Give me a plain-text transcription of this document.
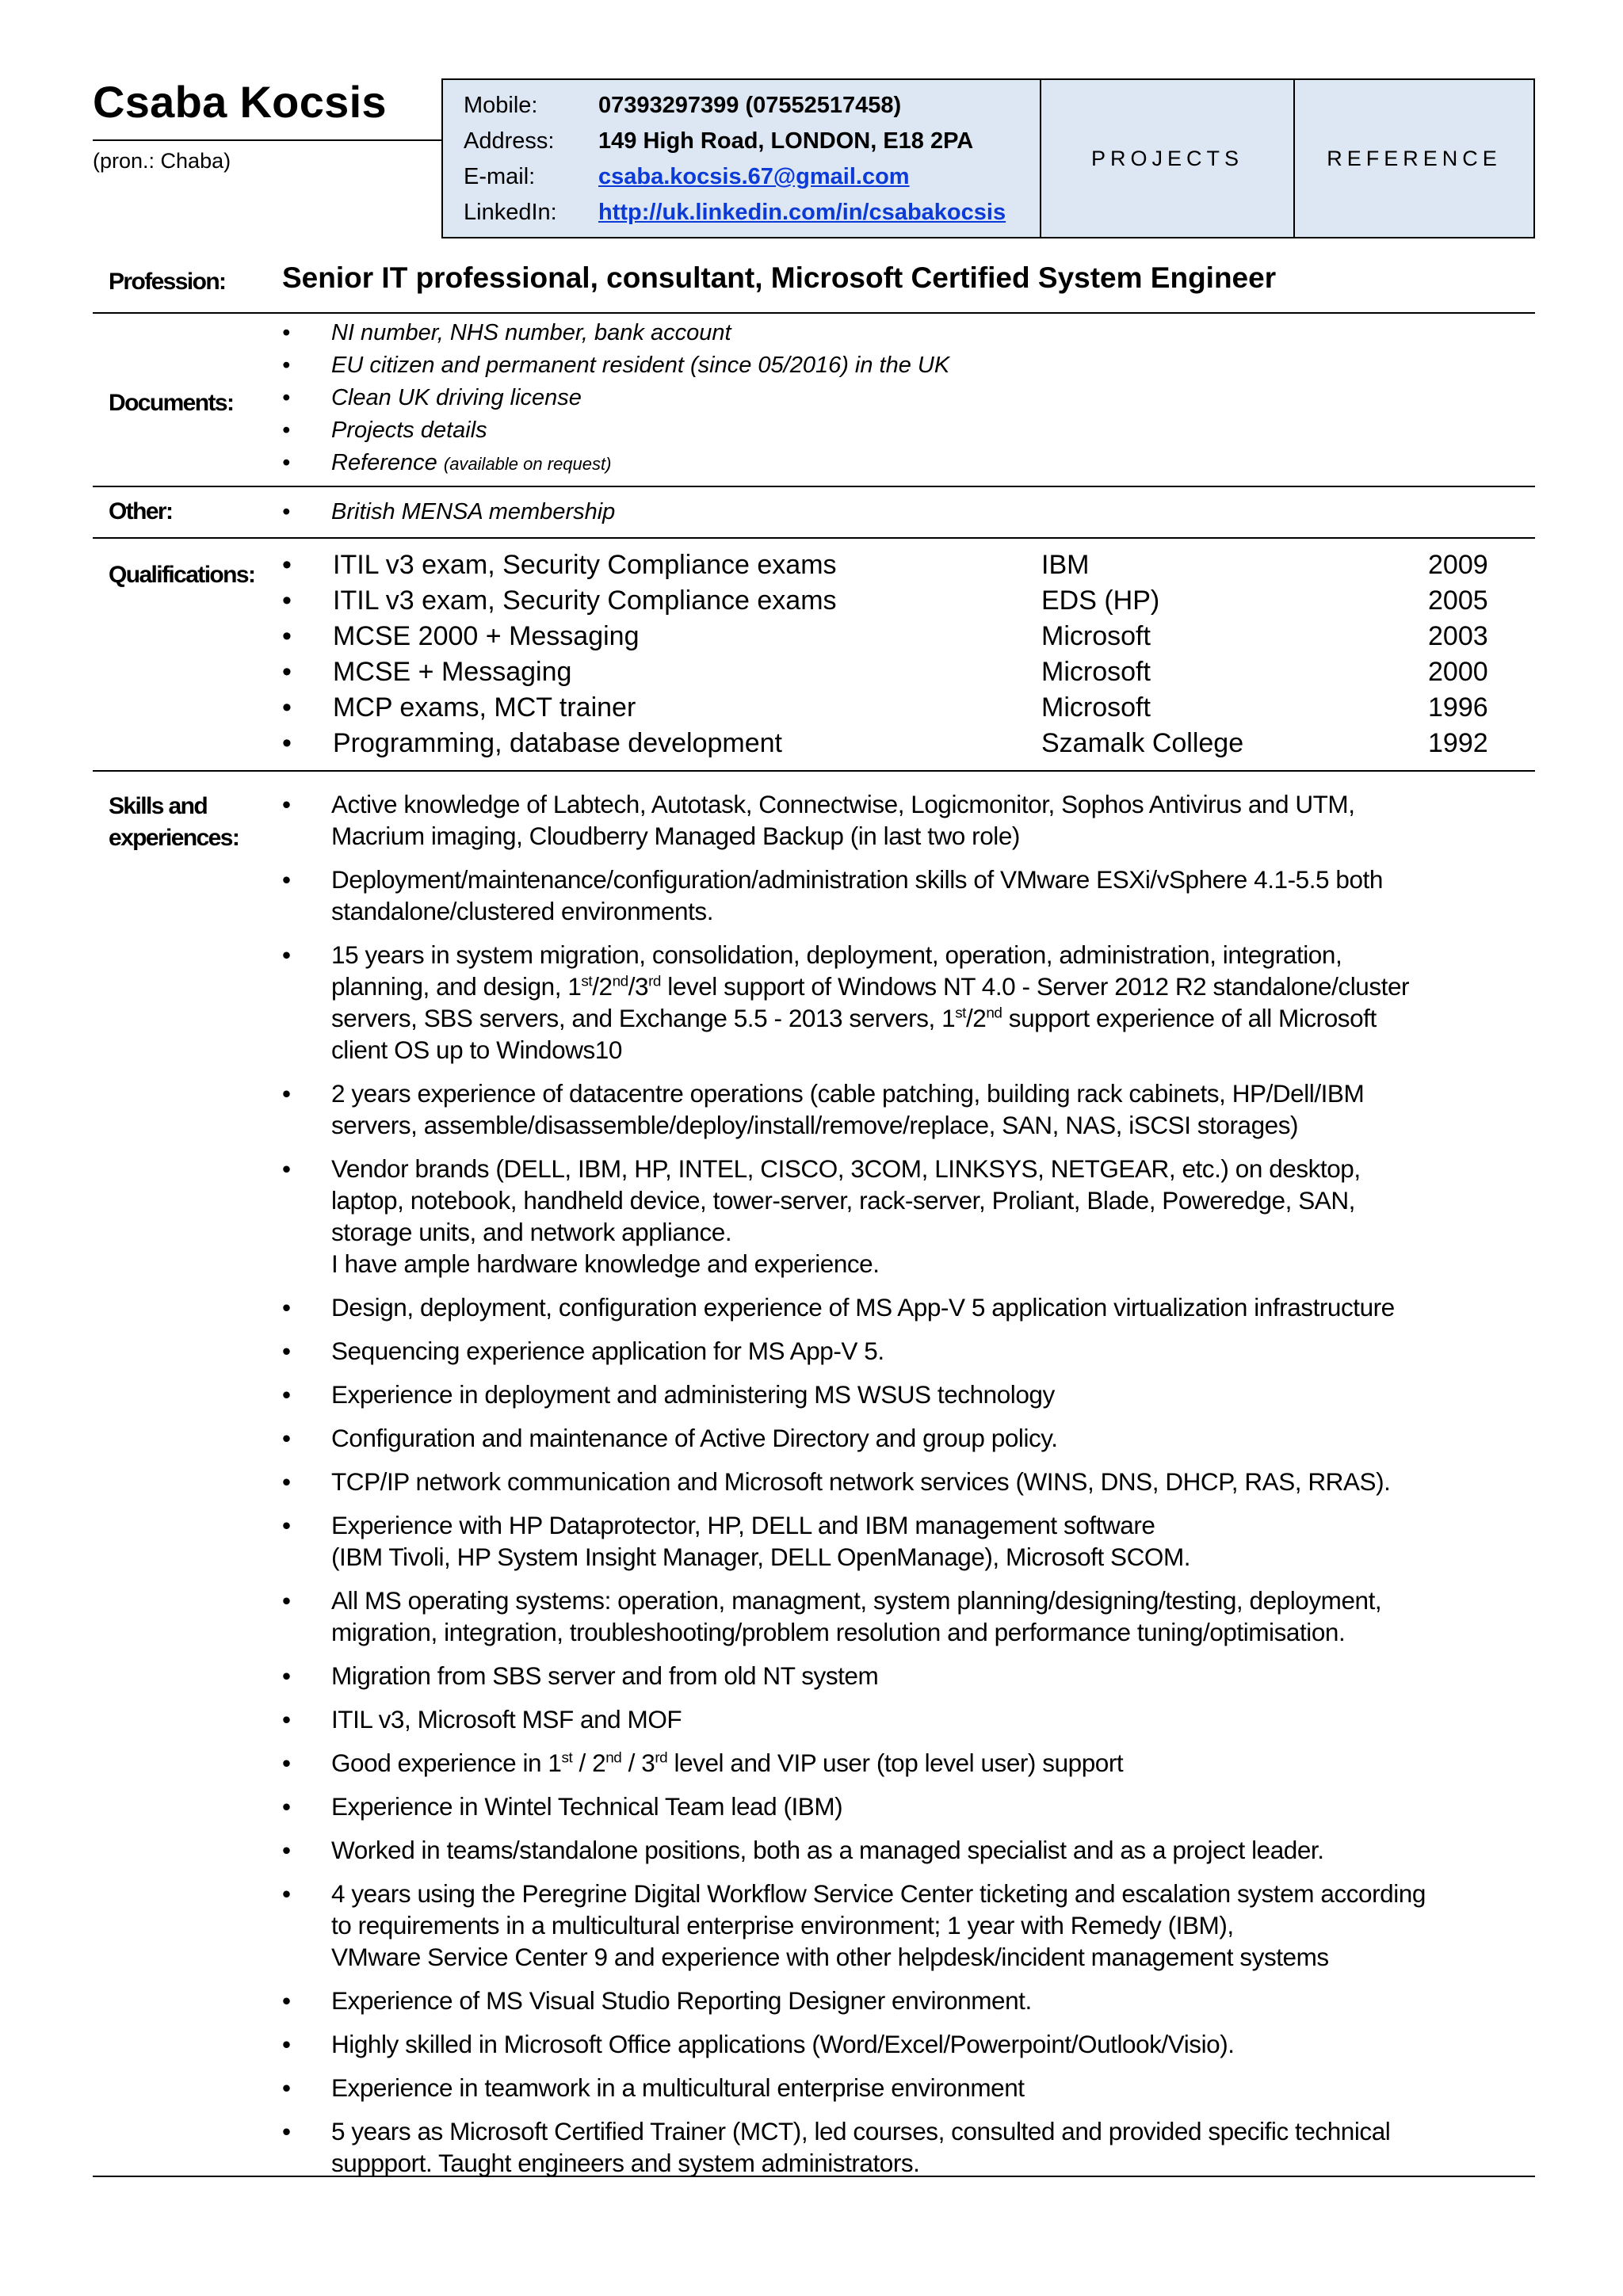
Csaba Kocsis
(pron.: Chaba)
Mobile:	07393297399 (07552517458)
Address: 149 High Road, LONDON, E18 2PA
E-mail:	csaba.kocsis.67@gmail.com
LinkedIn: http://uk.linkedin.com/in/csabakocsis
PROJECTS	REFERENCE
Profession: Senior IT professional, consultant, Microsoft Certified System Engineer
Documents:
• NI number, NHS number, bank account
• EU citizen and permanent resident (since 05/2016) in the UK
• Clean UK driving license
• Projects details
• Reference (available on request)
Other:
•	British MENSA membership
Qualifications: • ITIL v3 exam, Security Compliance exams	IBM	2009
• ITIL v3 exam, Security Compliance exams	EDS (HP)	2005
• MCSE 2000 + Messaging	Microsoft	2003
• MCSE + Messaging	Microsoft	2000
• MCP exams, MCT trainer	Microsoft	1996
• Programming, database development	Szamalk College	1992
Skills and
experiences:
• Active knowledge of Labtech, Autotask, Connectwise, Logicmonitor, Sophos Antivirus and UTM,
Macrium imaging, Cloudberry Managed Backup (in last two role)
• Deployment/maintenance/configuration/administration skills of VMware ESXi/vSphere 4.1-5.5 both
standalone/clustered environments.
• 15 years in system migration, consolidation, deployment, operation, administration, integration,
planning, and design, 1st/2nd/3rd level support of Windows NT 4.0 - Server 2012 R2 standalone/cluster
servers, SBS servers, and Exchange 5.5 - 2013 servers, 1st/2nd support experience of all Microsoft
client OS up to Windows10
• 2 years experience of datacentre operations (cable patching, building rack cabinets, HP/Dell/IBM
servers, assemble/disassemble/deploy/install/remove/replace, SAN, NAS, iSCSI storages)
• Vendor brands (DELL, IBM, HP, INTEL, CISCO, 3COM, LINKSYS, NETGEAR, etc.) on desktop,
laptop, notebook, handheld device, tower-server, rack-server, Proliant, Blade, Poweredge, SAN,
storage units, and network appliance.
I have ample hardware knowledge and experience.
• Design, deployment, configuration experience of MS App-V 5 application virtualization infrastructure
• Sequencing experience application for MS App-V 5.
• Experience in deployment and administering MS WSUS technology
• Configuration and maintenance of Active Directory and group policy.
• TCP/IP network communication and Microsoft network services (WINS, DNS, DHCP, RAS, RRAS).
• Experience with HP Dataprotector, HP, DELL and IBM management software
(IBM Tivoli, HP System Insight Manager, DELL OpenManage), Microsoft SCOM.
• All MS operating systems: operation, managment, system planning/designing/testing, deployment,
migration, integration, troubleshooting/problem resolution and performance tuning/optimisation.
• Migration from SBS server and from old NT system
• ITIL v3, Microsoft MSF and MOF
• Good experience in 1st / 2nd / 3rd level and VIP user (top level user) support
• Experience in Wintel Technical Team lead (IBM)
• Worked in teams/standalone positions, both as a managed specialist and as a project leader.
• 4 years using the Peregrine Digital Workflow Service Center ticketing and escalation system according
to requirements in a multicultural enterprise environment; 1 year with Remedy (IBM),
VMware Service Center 9 and experience with other helpdesk/incident management systems
• Experience of MS Visual Studio Reporting Designer environment.
• Highly skilled in Microsoft Office applications (Word/Excel/Powerpoint/Outlook/Visio).
• Experience in teamwork in a multicultural enterprise environment
• 5 years as Microsoft Certified Trainer (MCT), led courses, consulted and provided specific technical
suppport. Taught engineers and system administrators.
